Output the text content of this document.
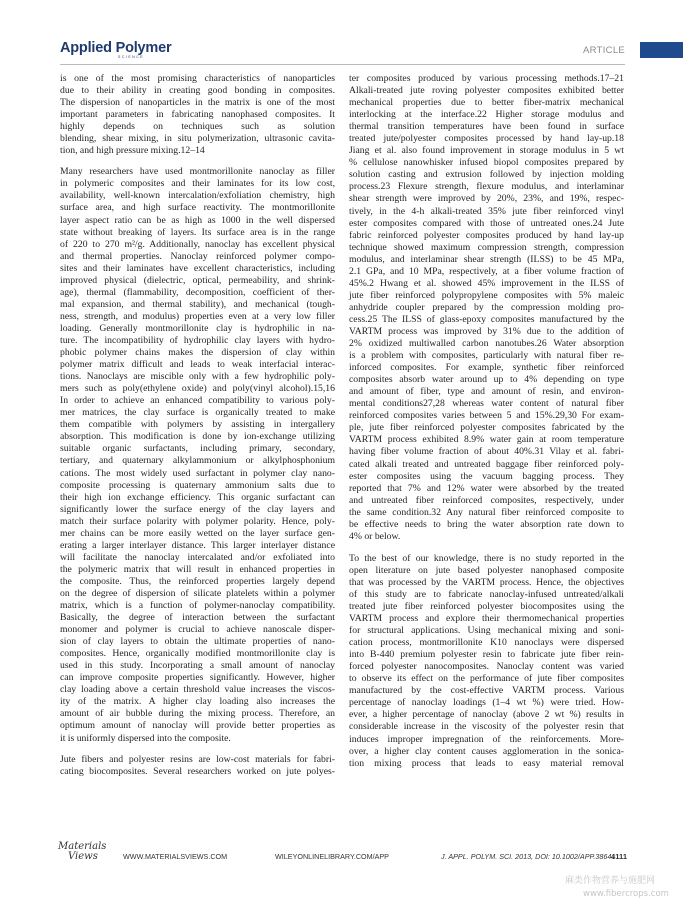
Applied Polymer
SCIENCE
ARTICLE
is one of the most promising characteristics of nanoparticles
due to their ability in creating good bonding in composites.
The dispersion of nanoparticles in the matrix is one of the most
important parameters in fabricating nanophased composites. It
highly depends on techniques such as solution
blending, shear mixing, in situ polymerization, ultrasonic cavita-
tion, and high pressure mixing.12–14
Many researchers have used montmorillonite nanoclay as filler
in polymeric composites and their laminates for its low cost,
availability, well-known intercalation/exfoliation chemistry, high
surface area, and high surface reactivity. The montmorillonite
layer aspect ratio can be as high as 1000 in the well dispersed
state without breaking of layers. Its surface area is in the range
of 220 to 270 m²/g. Additionally, nanoclay has excellent physical
and thermal properties. Nanoclay reinforced polymer compo-
sites and their laminates have excellent characteristics, including
improved physical (dielectric, optical, permeability, and shrink-
age), thermal (flammability, decomposition, coefficient of ther-
mal expansion, and thermal stability), and mechanical (tough-
ness, strength, and modulus) properties even at a very low filler
loading. Generally montmorillonite clay is hydrophilic in na-
ture. The incompatibility of hydrophilic clay layers with hydro-
phobic polymer chains makes the dispersion of clay within
polymer matrix difficult and leads to weak interfacial interac-
tions. Nanoclays are miscible only with a few hydrophilic poly-
mers such as poly(ethylene oxide) and poly(vinyl alcohol).15,16
In order to achieve an enhanced compatibility to various poly-
mer matrices, the clay surface is organically treated to make
them compatible with polymers by assisting in intergallery
absorption. This modification is done by ion-exchange utilizing
suitable organic surfactants, including primary, secondary,
tertiary, and quaternary alkylammonium or alkylphosphonium
cations. The most widely used surfactant in polymer clay nano-
composite processing is quaternary ammonium salts due to
their high ion exchange efficiency. This organic surfactant can
significantly lower the surface energy of the clay layers and
match their surface polarity with polymer polarity. Hence, poly-
mer chains can be more easily wetted on the layer surface gen-
erating a larger interlayer distance. This larger interlayer distance
will facilitate the nanoclay intercalated and/or exfoliated into
the polymeric matrix that will result in enhanced properties in
the composite. Thus, the reinforced properties largely depend
on the degree of dispersion of silicate platelets within a polymer
matrix, which is a function of polymer-nanoclay compatibility.
Basically, the degree of interaction between the surfactant
monomer and polymer is crucial to achieve nanoscale disper-
sion of clay layers to obtain the ultimate properties of nano-
composites. Hence, organically modified montmorillonite clay is
used in this study. Incorporating a small amount of nanoclay
can improve composite properties significantly. However, higher
clay loading above a certain threshold value increases the viscos-
ity of the matrix. A higher clay loading also increases the
amount of air bubble during the mixing process. Therefore, an
optimum amount of nanoclay will provide better properties as
it is uniformly dispersed into the composite.
Jute fibers and polyester resins are low-cost materials for fabri-
cating biocomposites. Several researchers worked on jute polyes-
ter composites produced by various processing methods.17–21
Alkali-treated jute roving polyester composites exhibited better
mechanical properties due to better fiber-matrix mechanical
interlocking at the interface.22 Higher storage modulus and
thermal transition temperatures have been found in surface
treated jute/polyester composites processed by hand lay-up.18
Jiang et al. also found improvement in storage modulus in 5 wt
% cellulose nanowhisker infused biopol composites prepared by
solution casting and extrusion followed by injection molding
process.23 Flexure strength, flexure modulus, and interlaminar
shear strength were improved by 20%, 23%, and 19%, respec-
tively, in the 4-h alkali-treated 35% jute fiber reinforced vinyl
ester composites compared with those of untreated ones.24 Jute
fabric reinforced polyester composites produced by hand lay-up
technique showed maximum compression strength, compression
modulus, and interlaminar shear strength (ILSS) to be 45 MPa,
2.1 GPa, and 10 MPa, respectively, at a fiber volume fraction of
45%.2 Hwang et al. showed 45% improvement in the ILSS of
jute fiber reinforced polypropylene composites with 5% maleic
anhydride coupler prepared by the compression molding pro-
cess.25 The ILSS of glass-epoxy composites manufactured by the
VARTM process was improved by 31% due to the addition of
2% oxidized multiwalled carbon nanotubes.26 Water absorption
is a problem with composites, particularly with natural fiber re-
inforced composites. For example, synthetic fiber reinforced
composites absorb water around up to 4% depending on type
and amount of fiber, type and amount of resin, and environ-
mental conditions27,28 whereas water content of natural fiber
reinforced composites varies between 5 and 15%.29,30 For exam-
ple, jute fiber reinforced polyester composites fabricated by the
VARTM process exhibited 8.9% water gain at room temperature
having fiber volume fraction of about 40%.31 Vilay et al. fabri-
cated alkali treated and untreated baggage fiber reinforced poly-
ester composites using the vacuum bagging process. They
reported that 7% and 12% water were absorbed by the treated
and untreated fiber reinforced composites, respectively, under
the same condition.32 Any natural fiber reinforced composite to
be effective needs to bring the water absorption rate down to
4% or below.
To the best of our knowledge, there is no study reported in the
open literature on jute based polyester nanophased composite
that was processed by the VARTM process. Hence, the objectives
of this study are to fabricate nanoclay-infused untreated/alkali
treated jute fiber reinforced polyester biocomposites using the
VARTM process and explore their thermomechanical properties
for structural applications. Using mechanical mixing and soni-
cation process, montmorillonite K10 nanoclays were dispersed
into B-440 premium polyester resin to fabricate jute fiber rein-
forced polyester nanocomposites. Nanoclay content was varied
to observe its effect on the performance of jute fiber composites
manufactured by the cost-effective VARTM process. Various
percentage of nanoclay loadings (1–4 wt %) were tried. How-
ever, a higher percentage of nanoclay (above 2 wt %) results in
considerable increase in the viscosity of the polyester resin that
induces improper impregnation of the reinforcements. More-
over, a higher clay content causes agglomeration in the sonica-
tion mixing process that leads to easy material removal
Materials
Views	WWW.MATERIALSVIEWS.COM	WILEYONLINELIBRARY.COM/APP	J. APPL. POLYM. SCI. 2013, DOI: 10.1002/APP.38641
4111
麻类作物营养与施肥网
www.fibercrops.com
